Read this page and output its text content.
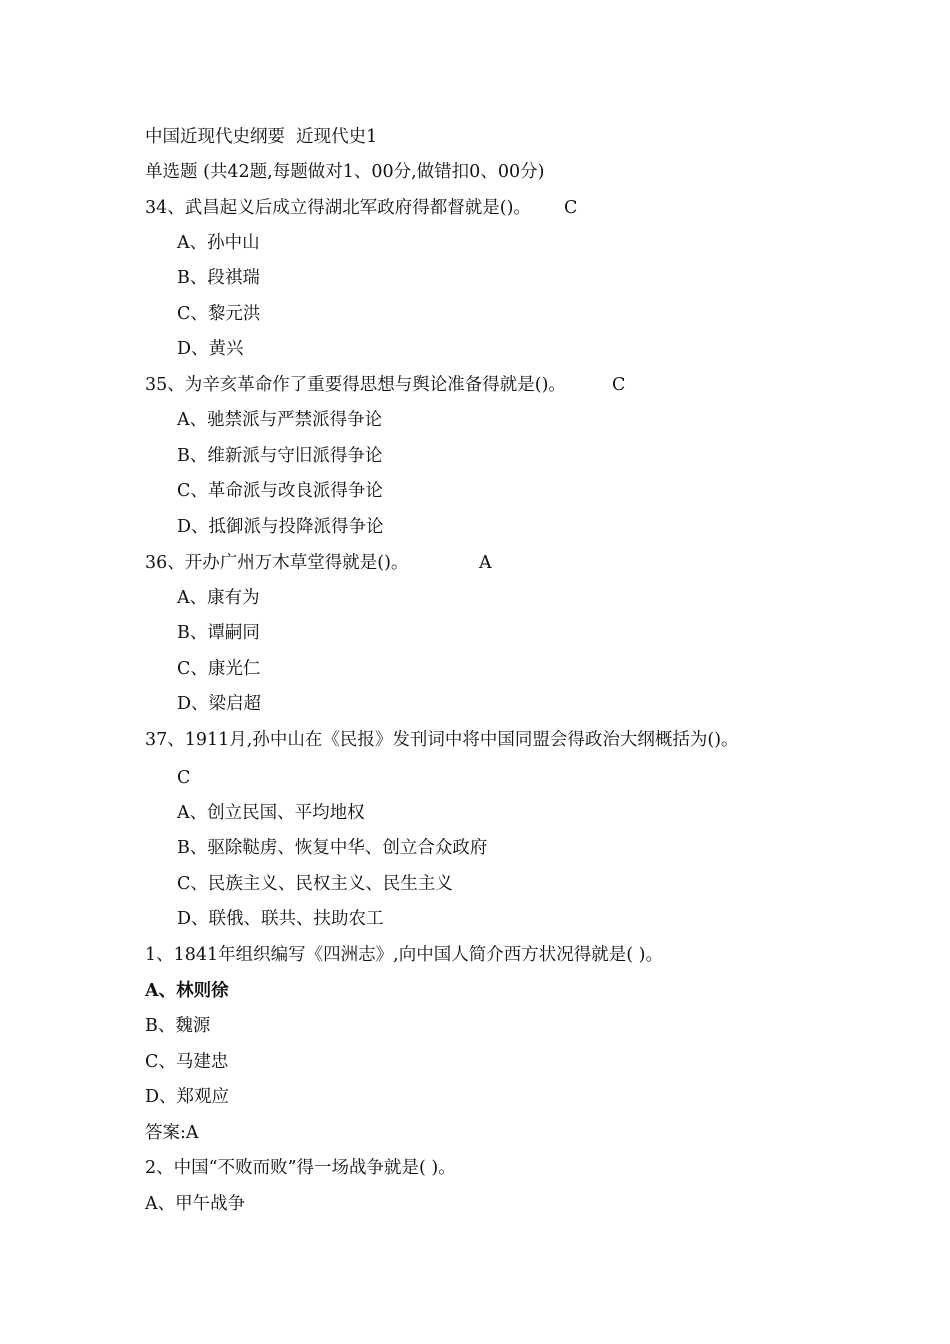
中国近现代史纲要  近现代史1
单选题 (共42题,每题做对1、00分,做错扣0、00分)
34、武昌起义后成立得湖北军政府得都督就是()。 C
A、孙中山
B、段祺瑞
C、黎元洪
D、黄兴
35、为辛亥革命作了重要得思想与舆论准备得就是()。	C
A、驰禁派与严禁派得争论
B、维新派与守旧派得争论
C、革命派与改良派得争论
D、抵御派与投降派得争论
36、开办广州万木草堂得就是()。	A
A、康有为
B、谭嗣同
C、康光仁
D、梁启超
37、1911月,孙中山在《民报》发刊词中将中国同盟会得政治大纲概括为()。
C
A、创立民国、平均地权
B、驱除鞑虏、恢复中华、创立合众政府
C、民族主义、民权主义、民生主义
D、联俄、联共、扶助农工
1、1841年组织编写《四洲志》,向中国人简介西方状况得就是( )。
A、林则徐
B、魏源
C、马建忠
D、郑观应
答案:A
2、中国“不败而败”得一场战争就是( )。
A、甲午战争
